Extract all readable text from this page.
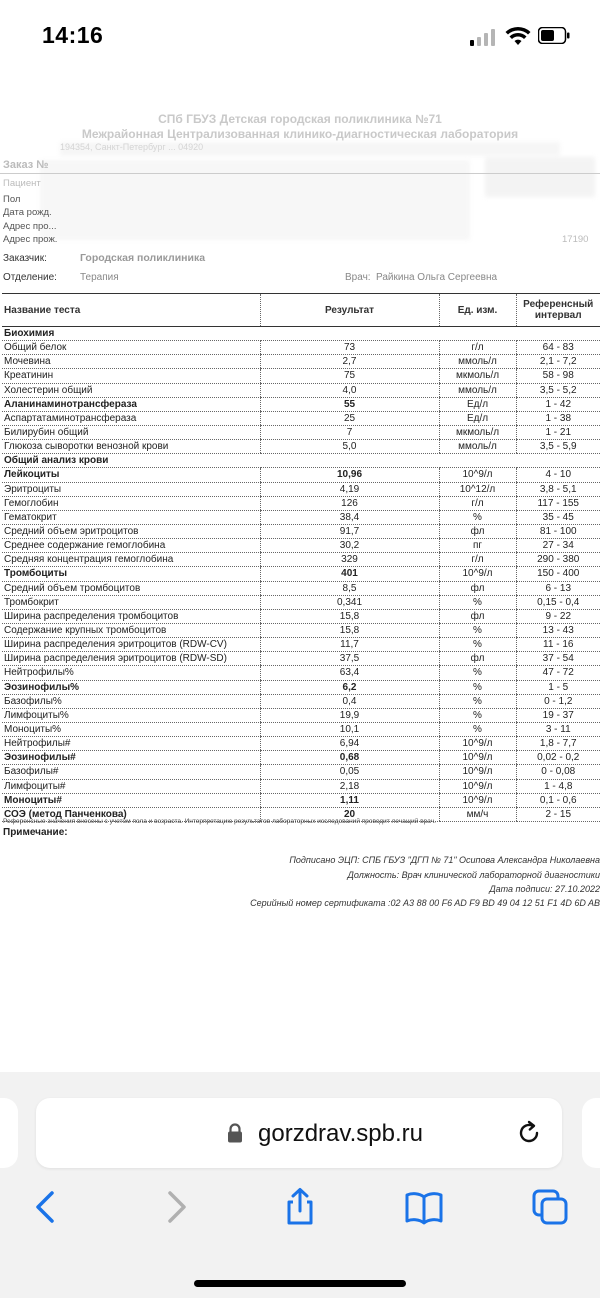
14:16
СПб ГБУЗ Детская городская поликлиника №71
Межрайонная Централизованная клинико-диагностическая лаборатория
194354, Санкт-Петербург ... 04920
Заказ №
Пациент
Пол
Дата рожд.
Адрес про...
Адрес прож.	17190
Заказчик:	Городская поликлиника
Отделение: Терапия	Врач: Райкина Ольга Сергеевна
Название теста	Результат	Ед. изм.	Референсный интервал
Биохимия			
Общий белок	73	г/л	64 - 83
Мочевина	2,7	ммоль/л	2,1 - 7,2
Креатинин	75	мкмоль/л	58 - 98
Холестерин общий	4,0	ммоль/л	3,5 - 5,2
Аланинаминотрансфераза	55	Ед/л	1 - 42
Аспартатаминотрансфераза	25	Ед/л	1 - 38
Билирубин общий	7	мкмоль/л	1 - 21
Глюкоза сыворотки венозной крови	5,0	ммоль/л	3,5 - 5,9
Общий анализ крови			
Лейкоциты	10,96	10^9/л	4 - 10
Эритроциты	4,19	10^12/л	3,8 - 5,1
Гемоглобин	126	г/л	117 - 155
Гематокрит	38,4	%	35 - 45
Средний объем эритроцитов	91,7	фл	81 - 100
Среднее содержание гемоглобина	30,2	пг	27 - 34
Средняя концентрация гемоглобина	329	г/л	290 - 380
Тромбоциты	401	10^9/л	150 - 400
Средний объем тромбоцитов	8,5	фл	6 - 13
Тромбокрит	0,341	%	0,15 - 0,4
Ширина распределения тромбоцитов	15,8	фл	9 - 22
Содержание крупных тромбоцитов	15,8	%	13 - 43
Ширина распределения эритроцитов (RDW-CV)	11,7	%	11 - 16
Ширина распределения эритроцитов (RDW-SD)	37,5	фл	37 - 54
Нейтрофилы%	63,4	%	47 - 72
Эозинофилы%	6,2	%	1 - 5
Базофилы%	0,4	%	0 - 1,2
Лимфоциты%	19,9	%	19 - 37
Моноциты%	10,1	%	3 - 11
Нейтрофилы#	6,94	10^9/л	1,8 - 7,7
Эозинофилы#	0,68	10^9/л	0,02 - 0,2
Базофилы#	0,05	10^9/л	0 - 0,08
Лимфоциты#	2,18	10^9/л	1 - 4,8
Моноциты#	1,11	10^9/л	0,1 - 0,6
СОЭ (метод Панченкова)	20	мм/ч	2 - 15
Референсные значения внесены с учетом пола и возраста. Интерпретацию результатов лабораторных исследований проводит лечащий врач.
Примечание:
Подписано ЭЦП: СПБ ГБУЗ "ДГП № 71" Осипова Александра Николаевна
Должность: Врач клинической лабораторной диагностики
Дата подписи: 27.10.2022
Серийный номер сертификата :02 A3 88 00 F6 AD F9 BD 49 04 12 51 F1 4D 6D AB
gorzdrav.spb.ru
